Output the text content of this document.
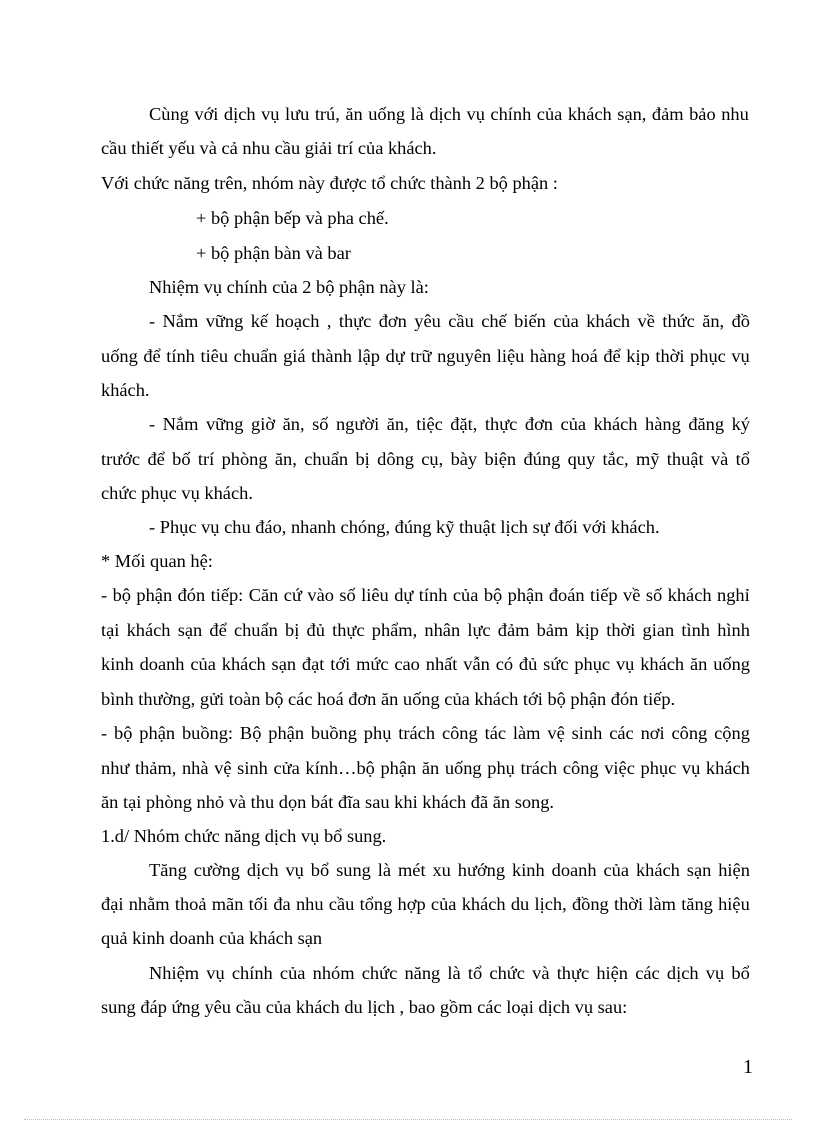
Cùng với dịch vụ lưu trú, ăn uống là dịch vụ chính của khách sạn, đảm bảo nhu
cầu thiết yếu và cả nhu cầu giải trí của khách.
Với chức năng trên, nhóm này được tổ chức thành 2 bộ phận :
+ bộ phận bếp và pha chế.
+ bộ phận bàn và bar
Nhiệm vụ chính của 2 bộ phận này là:
- Nắm vững kế hoạch , thực đơn yêu cầu chế biến của khách về thức ăn, đồ
uống để tính tiêu chuẩn giá thành lập dự trữ nguyên liệu hàng hoá để kịp thời phục vụ
khách.
- Nắm vững giờ ăn, số người ăn, tiệc đặt, thực đơn của khách hàng đăng ký
trước để bố trí phòng ăn, chuẩn bị dông cụ, bày biện đúng quy tắc, mỹ thuật và tổ
chức phục vụ khách.
- Phục vụ chu đáo, nhanh chóng, đúng kỹ thuật lịch sự đối với khách.
* Mối quan hệ:
- bộ phận đón tiếp: Căn cứ vào số liêu dự tính của bộ phận đoán tiếp về số khách nghỉ
tại khách sạn để chuẩn bị đủ thực phẩm, nhân lực đảm bảm kịp thời gian tình hình
kinh doanh của khách sạn đạt tới mức cao nhất vẫn có đủ sức phục vụ khách ăn uống
bình thường, gửi toàn bộ các hoá đơn ăn uống của khách tới bộ phận đón tiếp.
- bộ phận buồng: Bộ phận buồng phụ trách công tác làm vệ sinh các nơi công cộng
như thảm, nhà vệ sinh cửa kính…bộ phận ăn uống phụ trách công việc phục vụ khách
ăn tại phòng nhỏ và thu dọn bát đĩa sau khi khách đã ăn song.
1.d/ Nhóm chức năng dịch vụ bổ sung.
Tăng cường dịch vụ bổ sung là mét xu hướng kinh doanh của khách sạn hiện
đại nhằm thoả mãn tối đa nhu cầu tổng hợp của khách du lịch, đồng thời làm tăng hiệu
quả kinh doanh của khách sạn
Nhiệm vụ chính của nhóm chức năng là tổ chức và thực hiện các dịch vụ bổ
sung đáp ứng yêu cầu của khách du lịch , bao gồm các loại dịch vụ sau:
1
